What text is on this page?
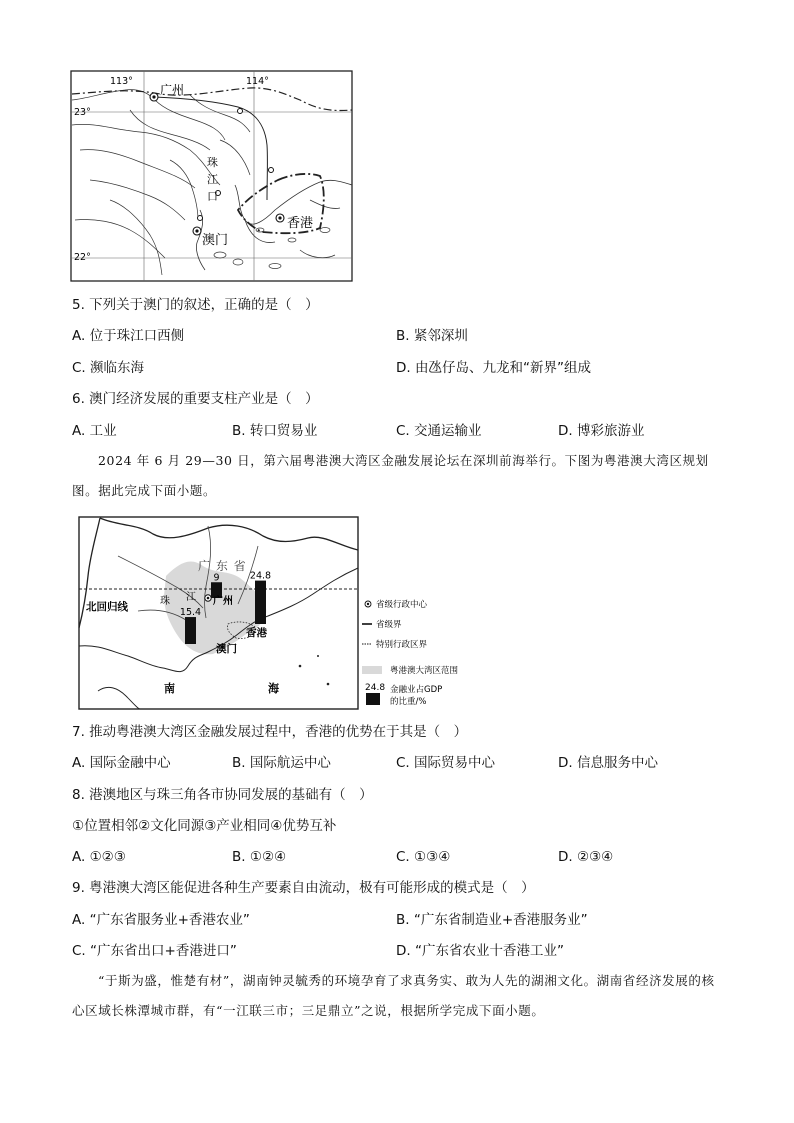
113°	114°
23°
22°
广州
香港
澳门
珠
江
口
5. 下列关于澳门的叙述，正确的是（　）
A. 位于珠江口西侧	B. 紧邻深圳
C. 濒临东海	D. 由氹仔岛、九龙和“新界”组成
6. 澳门经济发展的重要支柱产业是（　）
A. 工业	B. 转口贸易业	C. 交通运输业	D. 博彩旅游业

2024 年 6 月 29—30 日，第六届粤港澳大湾区金融发展论坛在深圳前海举行。下图为粤港澳大湾区规划图。据此完成下面小题。

15.4
9	24.8
广 东 省
北回归线	珠 江 广州
香港
澳门
南	海
省级行政中心
省级界
特别行政区界
粤港澳大湾区范围
24.8 金融业占GDP
的比重/%
7. 推动粤港澳大湾区金融发展过程中，香港的优势在于其是（　）
A. 国际金融中心	B. 国际航运中心	C. 国际贸易中心	D. 信息服务中心
8. 港澳地区与珠三角各市协同发展的基础有（　）
①位置相邻②文化同源③产业相同④优势互补
A. ①②③	B. ①②④	C. ①③④	D. ②③④
9. 粤港澳大湾区能促进各种生产要素自由流动，极有可能形成的模式是（　）
A. “广东省服务业+香港农业”	B. “广东省制造业+香港服务业”
C. “广东省出口+香港进口”	D. “广东省农业十香港工业”

“于斯为盛，惟楚有材”，湖南钟灵毓秀的环境孕育了求真务实、敢为人先的湖湘文化。湖南省经济发展的核心区域长株潭城市群，有“一江联三市；三足鼎立”之说，根据所学完成下面小题。
